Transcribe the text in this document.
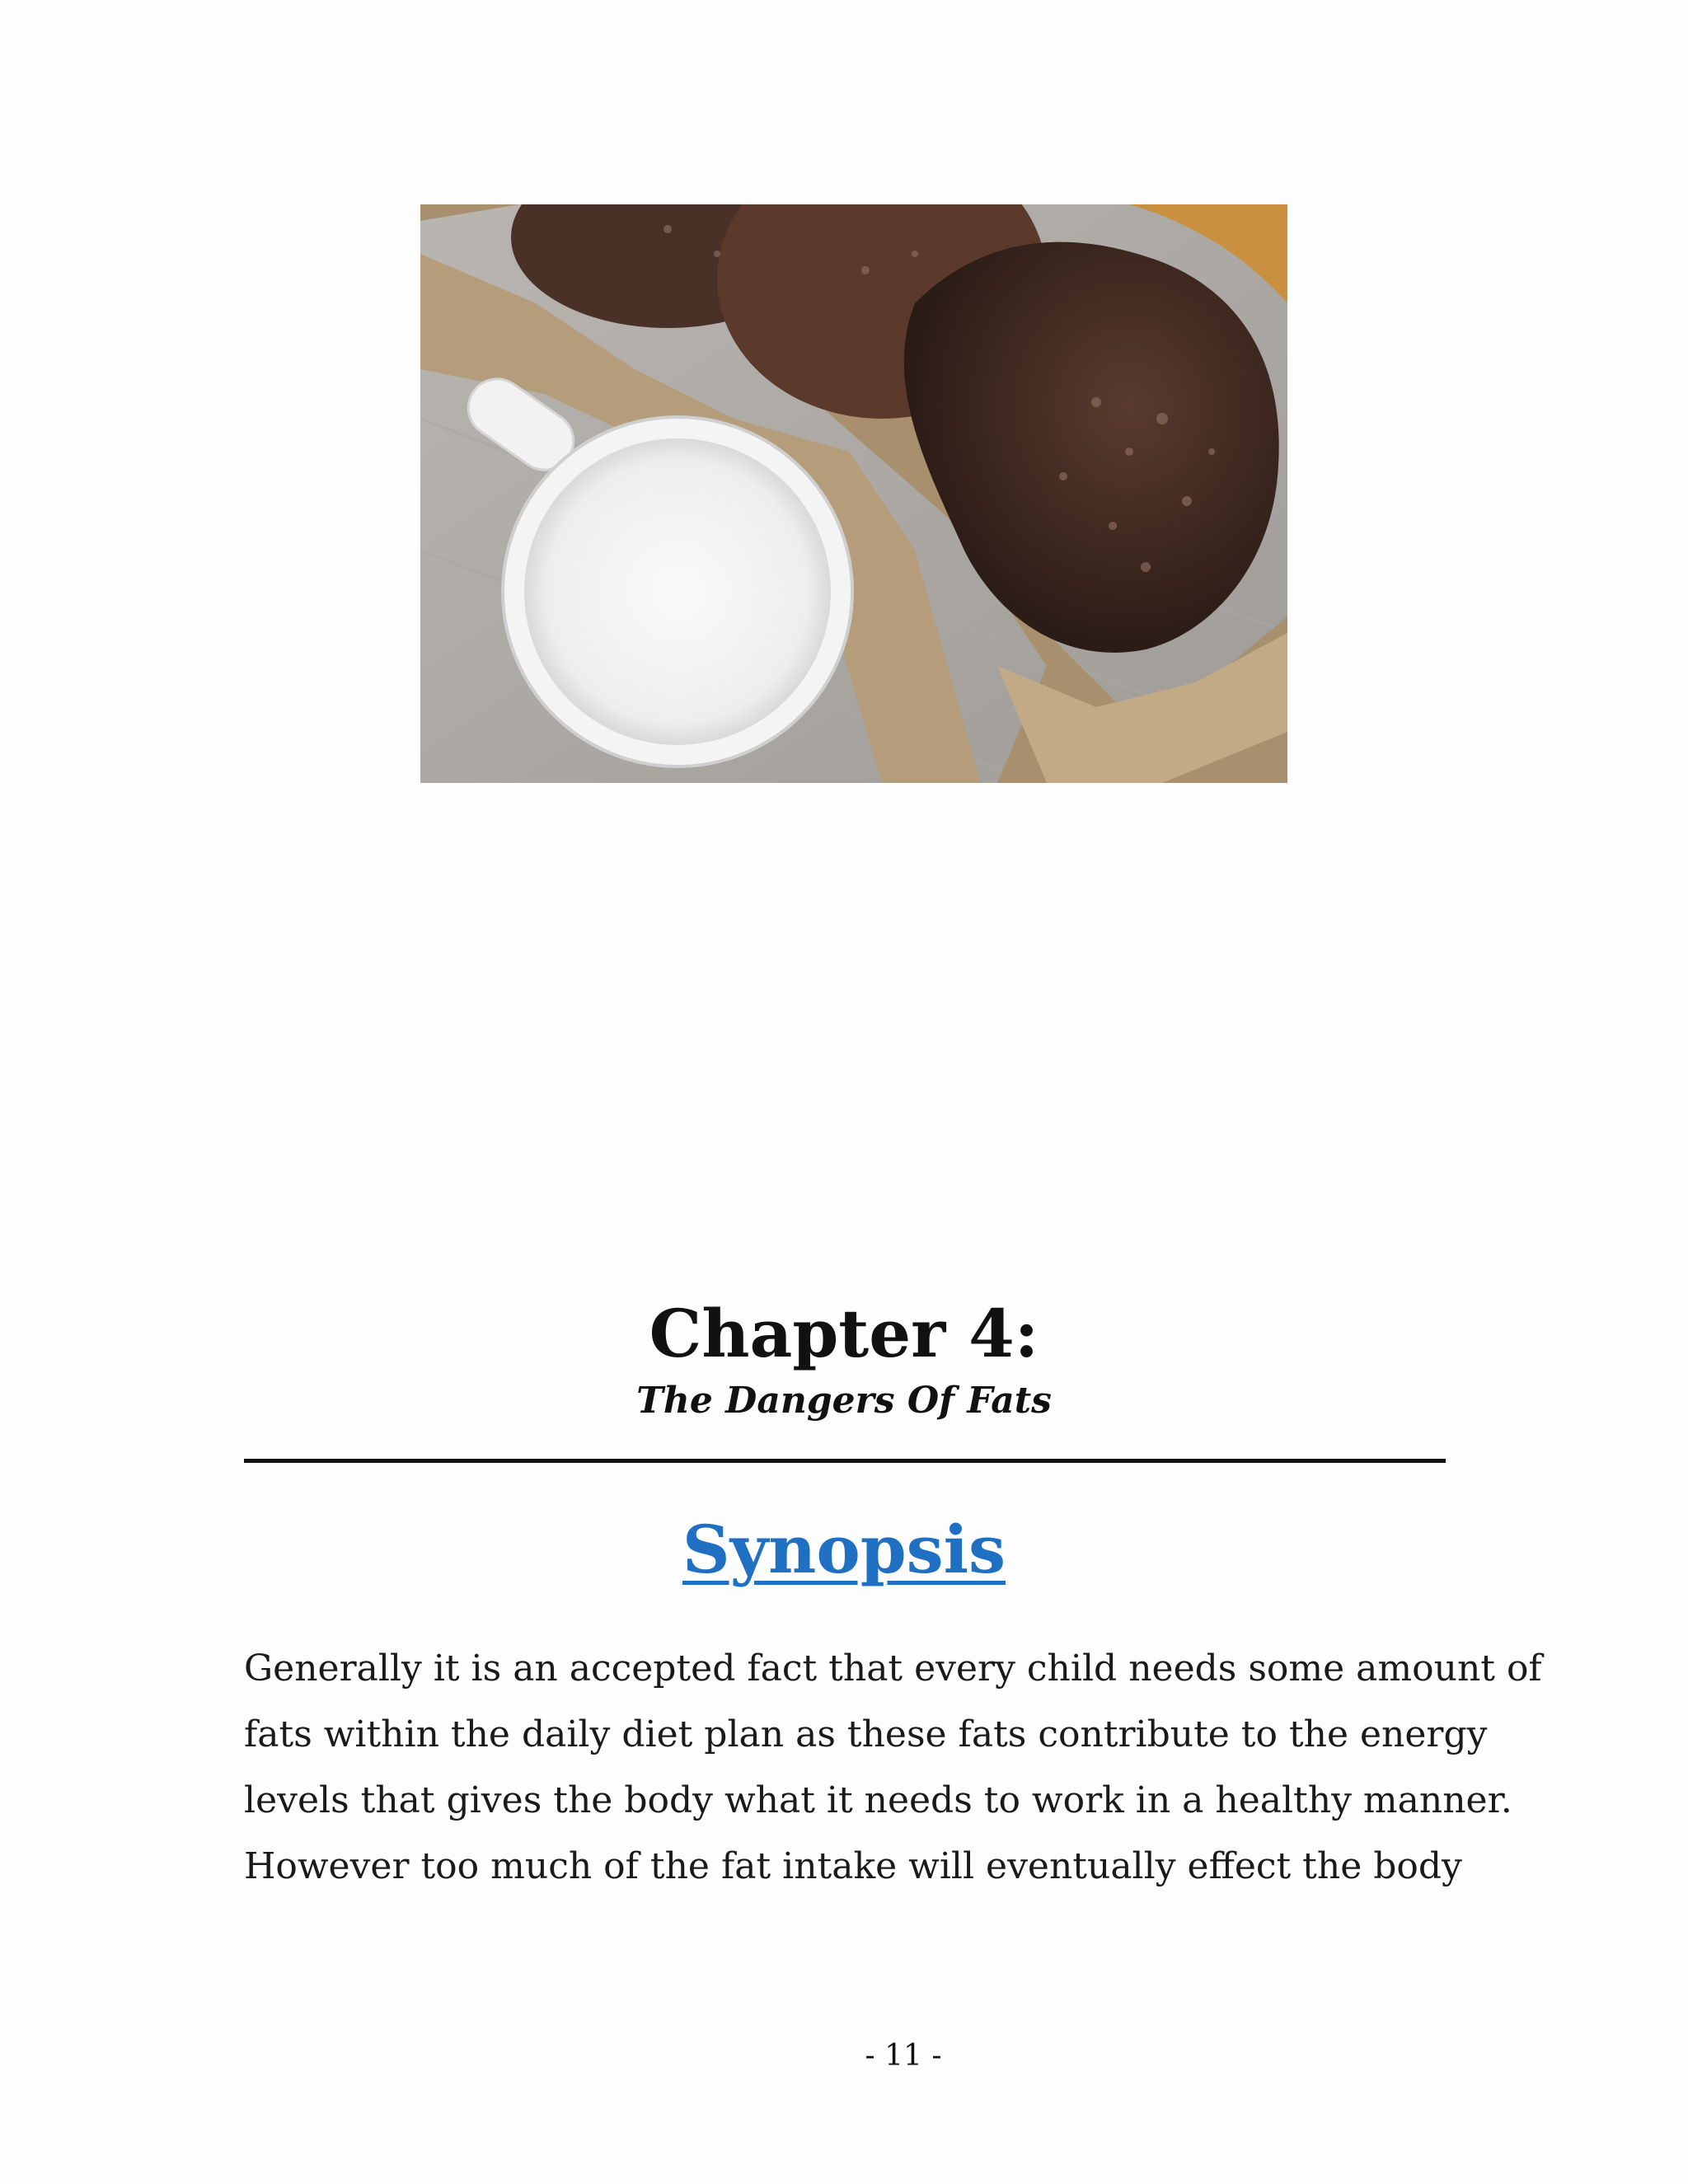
Chapter 4:
The Dangers Of Fats
Synopsis
Generally it is an accepted fact that every child needs some amount of
fats within the daily diet plan as these fats contribute to the energy
levels that gives the body what it needs to work in a healthy manner.
However too much of the fat intake will eventually effect the body
- 11 -
